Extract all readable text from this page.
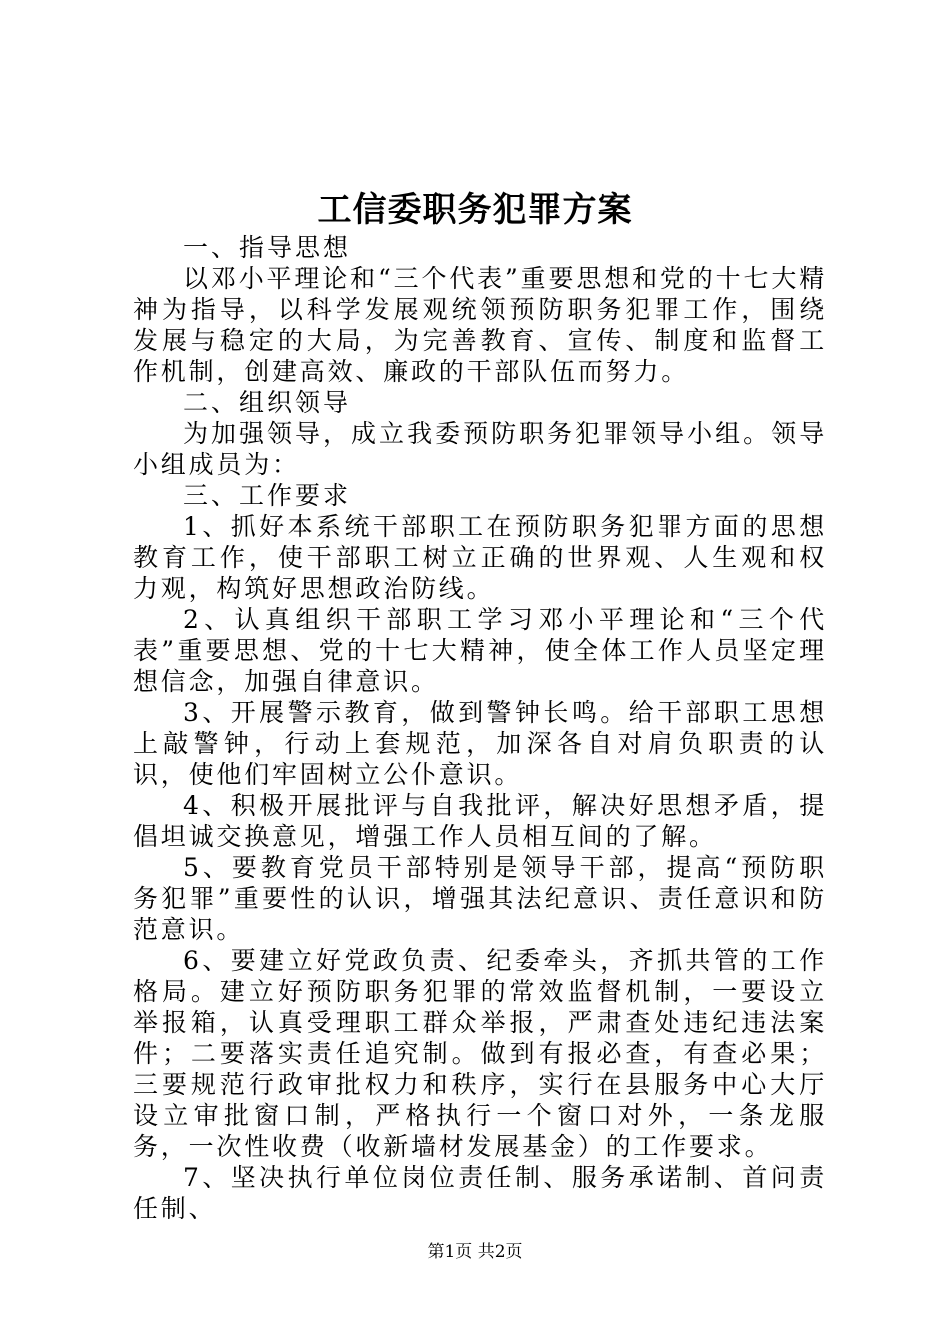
工信委职务犯罪方案

一、指导思想

以邓小平理论和“三个代表”重要思想和党的十七大精神为指导，以科学发展观统领预防职务犯罪工作，围绕发展与稳定的大局，为完善教育、宣传、制度和监督工作机制，创建高效、廉政的干部队伍而努力。

二、组织领导

为加强领导，成立我委预防职务犯罪领导小组。领导小组成员为：

三、工作要求

1、抓好本系统干部职工在预防职务犯罪方面的思想教育工作，使干部职工树立正确的世界观、人生观和权力观，构筑好思想政治防线。

2、认真组织干部职工学习邓小平理论和“三个代表”重要思想、党的十七大精神，使全体工作人员坚定理想信念，加强自律意识。

3、开展警示教育，做到警钟长鸣。给干部职工思想上敲警钟，行动上套规范，加深各自对肩负职责的认识，使他们牢固树立公仆意识。

4、积极开展批评与自我批评，解决好思想矛盾，提倡坦诚交换意见，增强工作人员相互间的了解。

5、要教育党员干部特别是领导干部，提高“预防职务犯罪”重要性的认识，增强其法纪意识、责任意识和防范意识。

6、要建立好党政负责、纪委牵头，齐抓共管的工作格局。建立好预防职务犯罪的常效监督机制，一要设立举报箱，认真受理职工群众举报，严肃查处违纪违法案件；二要落实责任追究制。做到有报必查，有查必果；三要规范行政审批权力和秩序，实行在县服务中心大厅设立审批窗口制，严格执行一个窗口对外，一条龙服务，一次性收费（收新墙材发展基金）的工作要求。

7、坚决执行单位岗位责任制、服务承诺制、首问责任制、

第1页 共2页
